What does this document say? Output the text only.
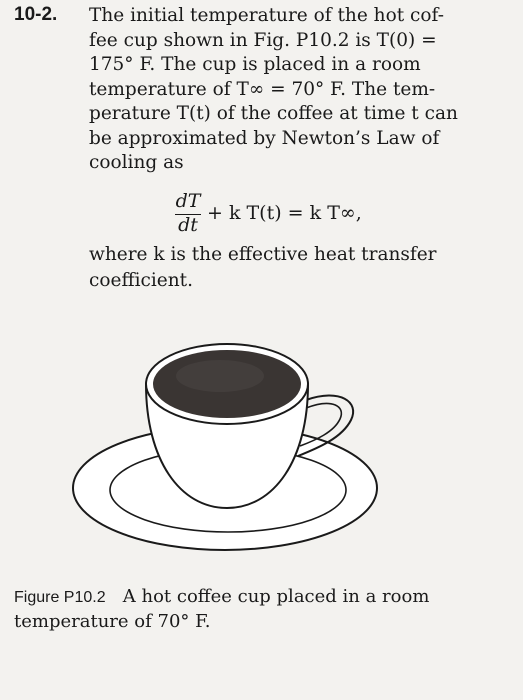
10-2. The initial temperature of the hot cof-
fee cup shown in Fig. P10.2 is T(0) =
175° F. The cup is placed in a room
temperature of T∞ = 70° F. The tem-
perature T(t) of the coffee at time t can
be approximated by Newton’s Law of
cooling as

dT
dt
+ k T(t) = k T∞,

where k is the effective heat transfer
coefficient.

Figure P10.2 A hot coffee cup placed in a room
temperature of 70° F.
